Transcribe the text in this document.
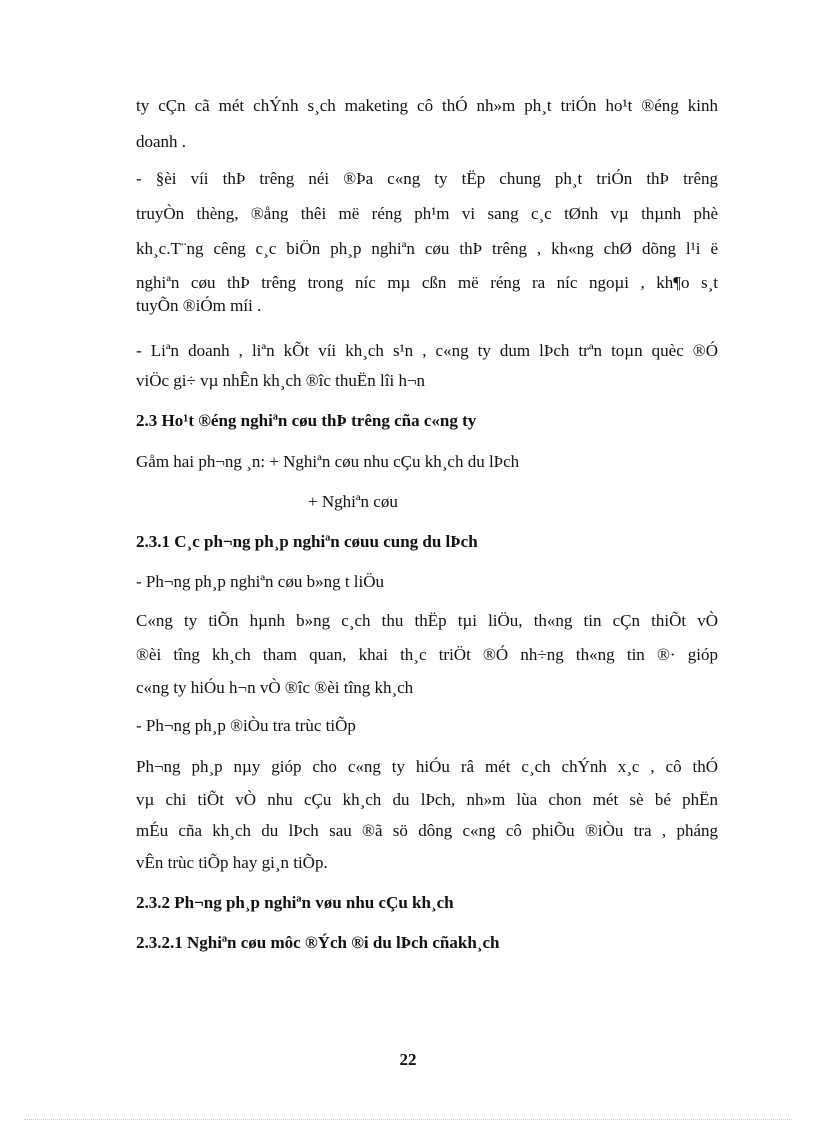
ty cÇn cã mét chÝnh s¸ch maketing cô thÓ nh»m ph¸t triÓn ho¹t ®éng kinh
doanh .
- §èi víi thÞ trêng néi ®Þa c«ng ty tËp chung ph¸t triÓn thÞ trêng
truyÒn thèng, ®ång thêi më réng ph¹m vi sang c¸c tØnh vµ thµnh phè
kh¸c.T¨ng cêng c¸c biÖn ph¸p nghiªn cøu thÞ trêng , kh«ng chØ dõng l¹i ë
nghiªn cøu thÞ trêng trong níc mµ cßn më réng ra níc ngoµi , kh¶o s¸t
tuyÕn ®iÓm míi .
- Liªn doanh , liªn kÕt víi kh¸ch s¹n , c«ng ty dum lÞch trªn toµn quèc ®Ó
viÖc gi÷ vµ nhÊn kh¸ch ®îc thuËn lîi h¬n
2.3 Ho¹t ®éng nghiªn cøu thÞ trêng cña c«ng ty
Gåm hai ph¬ng ¸n: + Nghiªn cøu nhu cÇu kh¸ch du lÞch
+ Nghiªn cøu
2.3.1 C¸c ph¬ng ph¸p nghiªn cøuu cung du lÞch
- Ph¬ng ph¸p nghiªn cøu b»ng t liÖu
C«ng ty tiÕn hµnh b»ng c¸ch thu thËp tµi liÖu, th«ng tin cÇn thiÕt vÒ
®èi tîng kh¸ch tham quan, khai th¸c triÖt ®Ó nh÷ng th«ng tin ®· gióp
c«ng ty hiÓu h¬n vÒ ®îc ®èi tîng kh¸ch
- Ph¬ng ph¸p ®iÒu tra trùc tiÕp
Ph¬ng ph¸p nµy gióp cho c«ng ty hiÓu râ mét c¸ch chÝnh x¸c , cô thÓ
vµ chi tiÕt vÒ nhu cÇu kh¸ch du lÞch, nh»m lùa chon mét sè bé phËn
mÉu cña kh¸ch du lÞch sau ®ã sö dông c«ng cô phiÕu ®iÒu tra , pháng
vÊn trùc tiÕp hay gi¸n tiÕp.
2.3.2 Ph¬ng ph¸p nghiªn vøu nhu cÇu kh¸ch
2.3.2.1 Nghiªn cøu môc ®Ých ®i du lÞch cñakh¸ch
22
